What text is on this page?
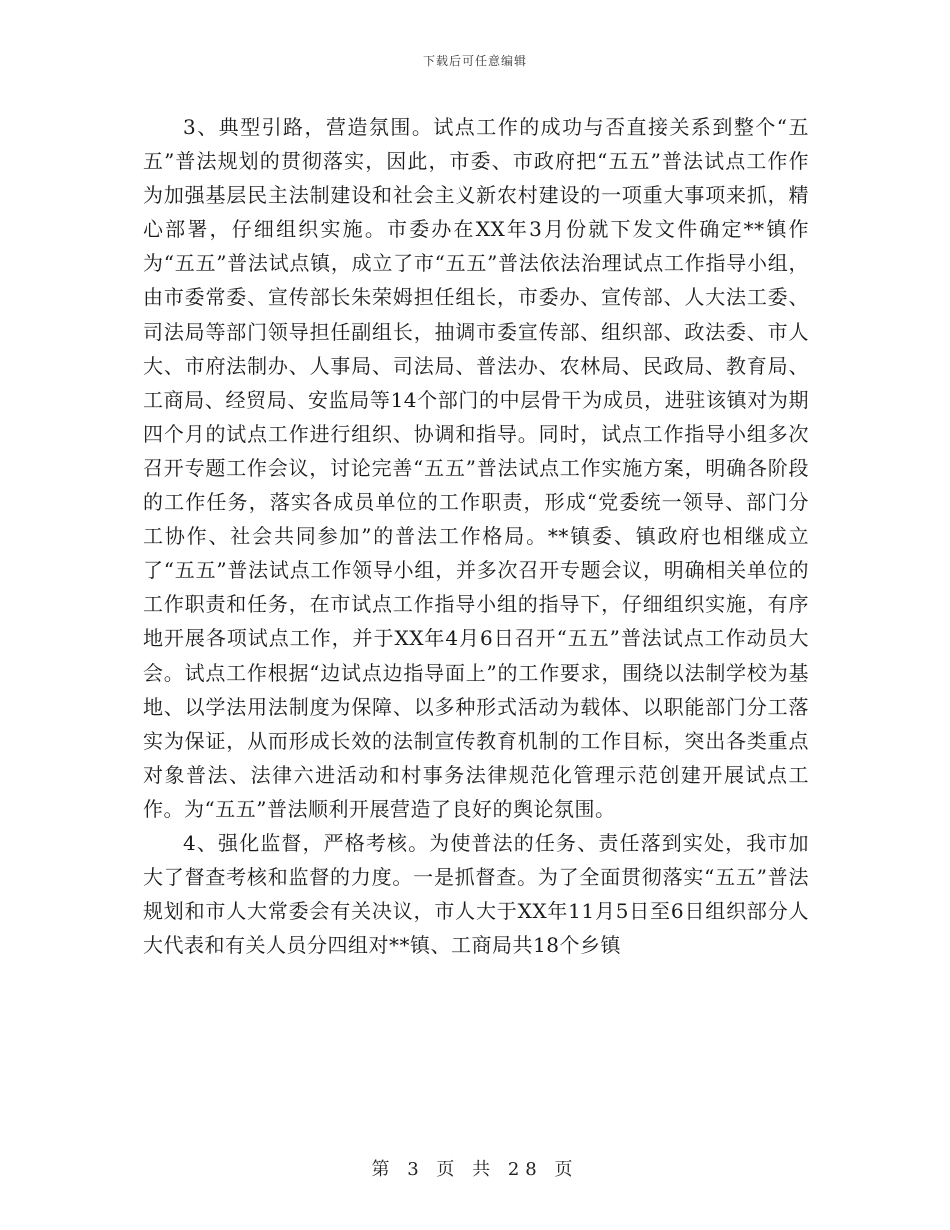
下载后可任意编辑

3、典型引路，营造氛围。试点工作的成功与否直接关系到整个“五五”普法规划的贯彻落实，因此，市委、市政府把“五五”普法试点工作作为加强基层民主法制建设和社会主义新农村建设的一项重大事项来抓，精心部署，仔细组织实施。市委办在XX年3月份就下发文件确定**镇作为“五五”普法试点镇，成立了市“五五”普法依法治理试点工作指导小组，由市委常委、宣传部长朱荣姆担任组长，市委办、宣传部、人大法工委、司法局等部门领导担任副组长，抽调市委宣传部、组织部、政法委、市人大、市府法制办、人事局、司法局、普法办、农林局、民政局、教育局、工商局、经贸局、安监局等14个部门的中层骨干为成员，进驻该镇对为期四个月的试点工作进行组织、协调和指导。同时，试点工作指导小组多次召开专题工作会议，讨论完善“五五”普法试点工作实施方案，明确各阶段的工作任务，落实各成员单位的工作职责，形成“党委统一领导、部门分工协作、社会共同参加”的普法工作格局。**镇委、镇政府也相继成立了“五五”普法试点工作领导小组，并多次召开专题会议，明确相关单位的工作职责和任务，在市试点工作指导小组的指导下，仔细组织实施，有序地开展各项试点工作，并于XX年4月6日召开“五五”普法试点工作动员大会。试点工作根据“边试点边指导面上”的工作要求，围绕以法制学校为基地、以学法用法制度为保障、以多种形式活动为载体、以职能部门分工落实为保证，从而形成长效的法制宣传教育机制的工作目标，突出各类重点对象普法、法律六进活动和村事务法律规范化管理示范创建开展试点工作。为“五五”普法顺利开展营造了良好的舆论氛围。

4、强化监督，严格考核。为使普法的任务、责任落到实处，我市加大了督查考核和监督的力度。一是抓督查。为了全面贯彻落实“五五”普法规划和市人大常委会有关决议，市人大于XX年11月5日至6日组织部分人大代表和有关人员分四组对**镇、工商局共18个乡镇

第 3 页 共 28 页
